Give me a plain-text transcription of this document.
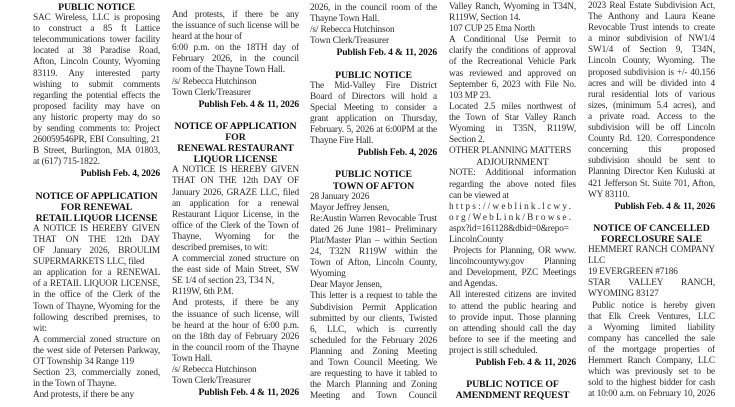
PUBLIC NOTICE
SAC Wireless, LLC is proposing
to construct a 85 ft Lattice
telecommunications tower facility
located at 38 Paradise Road,
Afton, Lincoln County, Wyoming
83119. Any interested party
wishing to submit comments
regarding the potential effects the
proposed facility may have on
any historic property may do so
by sending comments to: Project
260059546PR, EBI Consulting, 21
B Street, Burlington, MA 01803,
at (617) 715-1822.
Publish Feb. 4, 2026
NOTICE OF APPLICATION
FOR RENEWAL
RETAIL LIQUOR LICENSE
A NOTICE IS HEREBY GIVEN
THAT ON THE 12th DAY
OF January 2026, BROULIM
SUPERMARKETS LLC, filed
an application for a RENEWAL
of a RETAIL LIQUOR LICENSE,
in the office of the Clerk of the
Town of Thayne, Wyoming for the
following described premises, to
wit:
A commercial zoned structure on
the west side of Petersen Parkway,
OT Township 34 Range 119
Section 23, commercially zoned,
in the Town of Thayne.
And protests, if there be any
And protests, if there be any
the issuance of such license will be
heard at the hour of
6:00 p.m. on the 18TH day of
February 2026, in the council
room of the Thayne Town Hall.
/s/ Rebecca Hutchinson
Town Clerk/Treasurer
Publish Feb. 4 & 11, 2026
NOTICE OF APPLICATION
FOR
RENEWAL RESTAURANT
LIQUOR LICENSE
A NOTICE IS HEREBY GIVEN
THAT ON THE 12th DAY OF
January 2026, GRAZE LLC, filed
an application for a renewal
Restaurant Liquor License, in the
office of the Clerk of the Town of
Thayne, Wyoming for the
described premises, to wit:
A commercial zoned structure on
the east side of Main Street, SW
SE 1/4 of section 23, T34 N,
R119W, 6th P.M.
And protests, if there be any
the issuance of such license, will
be heard at the hour of 6:00 p.m.
on the 18th day of February 2026
in the council room of the Thayne
Town Hall.
/s/ Rebecca Hutchinson
Town Clerk/Treasurer
Publish Feb. 4 & 11, 2026
2026, in the council room of the
Thayne Town Hall.
/s/ Rebecca Hutchinson
Town Clerk/Treasurer
Publish Feb. 4 & 11, 2026
PUBLIC NOTICE
The Mid-Valley Fire District
Board of Directors will hold a
Special Meeting to consider a
grant application on Thursday,
February. 5, 2026 at 6:00PM at the
Thayne Fire Hall.
Publish Feb. 4, 2026
PUBLIC NOTICE
TOWN OF AFTON
28 January 2026
Mayor Jeffrey Jensen,
Re:Austin Warren Revocable Trust
dated 26 June 1981– Preliminary
Plat/Master Plan – within Section
24, T32N R119W within the
Town of Afton, Lincoln County,
Wyoming
Dear Mayor Jensen,
This letter is a request to table the
Subdivision Permit Application
submitted by our clients, Twisted
6, LLC, which is currently
scheduled for the February 2026
Planning and Zoning Meeting
and Town Council Meeting. We
are requesting to have it tabled to
the March Planning and Zoning
Meeting and Town Council
Valley Ranch, Wyoming in T34N,
R119W, Section 14.
107 CUP 25 Etna North
A Conditional Use Permit to
clarify the conditions of approval
of the Recreational Vehicle Park
was reviewed and approved on
September 6, 2023 with File No.
103 MP 23.
Located 2.5 miles northwest of
the Town of Star Valley Ranch
Wyoming in T35N, R119W,
Section 2.
OTHER PLANNING MATTERS
ADJOURNMENT
NOTE: Additional information
regarding the above noted files
can be viewed at
https://weblink.lcwy.
org/WebLink/Browse.
aspx?id=161128&dbid=0&repo=
LincolnCounty
Projects for Planning, OR www.
lincolncountywy.gov Planning
and Development, PZC Meetings
and Agendas.
All interested citizens are invited
to attend the public hearing and
to provide input. Those planning
on attending should call the day
before to see if the meeting and
project is still scheduled.
Publish Feb. 4 & 11, 2026
PUBLIC NOTICE OF
AMENDMENT REQUEST
2023 Real Estate Subdivision Act,
The Anthony and Laura Keane
Revocable Trust intends to create
a minor subdivision of NW1/4
SW1/4 of Section 9, T34N,
Lincoln County, Wyoming. The
proposed subdivision is +/- 40.156
acres and will be divided into 4
rural residential lots of various
sizes, (minimum 5.4 acres), and
a private road. Access to the
subdivision will be off Lincoln
County Rd. 120. Correspondence
concerning this proposed
subdivision should be sent to
Planning Director Ken Kuluski at
421 Jefferson St. Suite 701, Afton,
WY 83110.
Publish Feb. 4 & 11, 2026
NOTICE OF CANCELLED
FORECLOSURE SALE
HEMMERT RANCH COMPANY
LLC
19 EVERGREEN #7186
STAR VALLEY RANCH,
WYOMING 83127
Public notice is hereby given
that Elk Creek Ventures, LLC
a Wyoming limited liability
company has cancelled the sale
of the mortgage properties of
Hemmert Ranch Company, LLC
which was previously set to be
sold to the highest bidder for cash
at 10:00 a.m. on February 10, 2026
